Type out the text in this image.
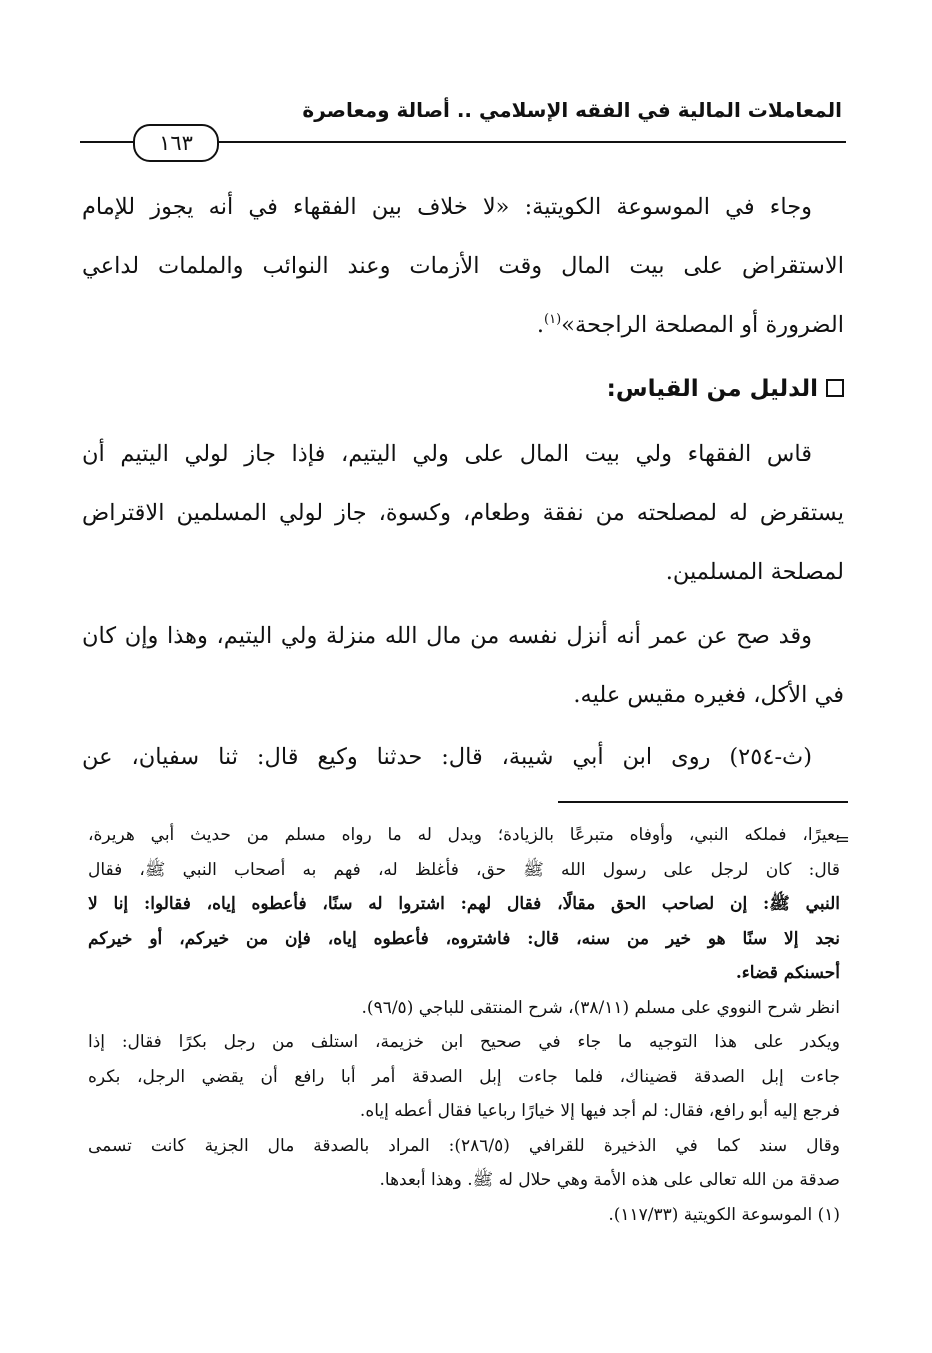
المعاملات المالية في الفقه الإسلامي .. أصالة ومعاصرة
١٦٣
وجاء في الموسوعة الكويتية: «لا خلاف بين الفقهاء في أنه يجوز للإمام
الاستقراض على بيت المال وقت الأزمات وعند النوائب والملمات لداعي
الضرورة أو المصلحة الراجحة»$^{(١)}$.
الدليل من القياس:
قاس الفقهاء ولي بيت المال على ولي اليتيم، فإذا جاز لولي اليتيم أن
يستقرض له لمصلحته من نفقة وطعام، وكسوة، جاز لولي المسلمين الاقتراض
لمصلحة المسلمين.
وقد صح عن عمر أنه أنزل نفسه من مال الله منزلة ولي اليتيم، وهذا وإن كان
في الأكل، فغيره مقيس عليه.
(ث-٢٥٤) روى ابن أبي شيبة، قال: حدثنا وكيع قال: ثنا سفيان، عن
=
بعيرًا، فملكه النبي، وأوفاه متبرعًا بالزيادة؛ ويدل له ما رواه مسلم من حديث أبي هريرة،
قال: كان لرجل على رسول الله ﷺ حق، فأغلظ له، فهم به أصحاب النبي ﷺ، فقال
النبي ﷺ: إن لصاحب الحق مقالًا، فقال لهم: اشتروا له سنًا، فأعطوه إياه، فقالوا: إنا لا
نجد إلا سنًا هو خير من سنه، قال: فاشتروه، فأعطوه إياه، فإن من خيركم، أو خيركم
أحسنكم قضاء.
انظر شرح النووي على مسلم (٣٨/١١)، شرح المنتقى للباجي (٩٦/٥).
ويكدر على هذا التوجيه ما جاء في صحيح ابن خزيمة، استلف من رجل بكرًا فقال: إذا
جاءت إبل الصدقة قضيناك، فلما جاءت إبل الصدقة أمر أبا رافع أن يقضي الرجل، بكره
فرجع إليه أبو رافع، فقال: لم أجد فيها إلا خيارًا رباعيا فقال أعطه إياه.
وقال سند كما في الذخيرة للقرافي (٢٨٦/٥): المراد بالصدقة مال الجزية كانت تسمى
صدقة من الله تعالى على هذه الأمة وهي حلال له ﷺ. وهذا أبعدها.
(١) الموسوعة الكويتية (١١٧/٣٣).
